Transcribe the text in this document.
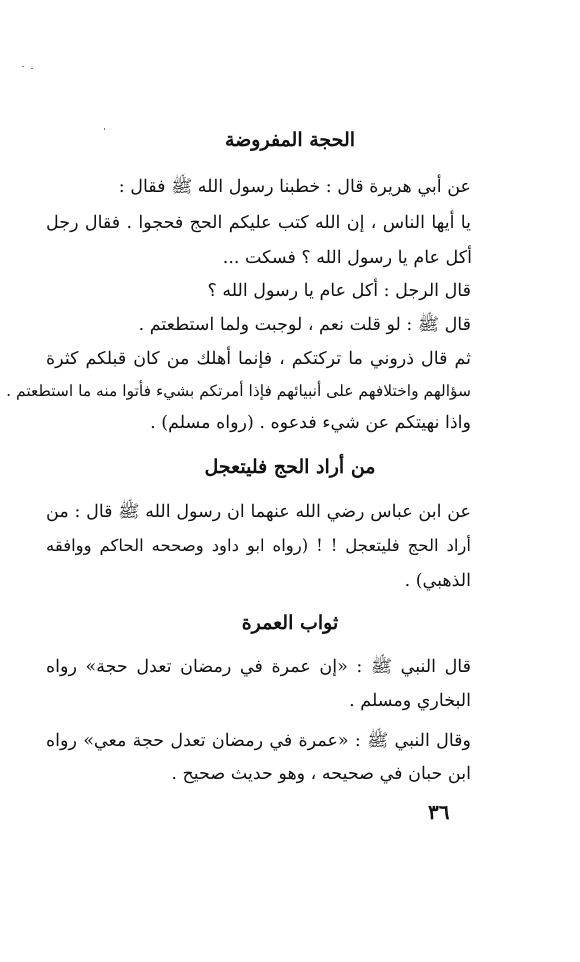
الحجة المفروضة
عن أبي هريرة قال : خطبنا رسول الله ﷺ فقال :
يا أيها الناس ، إن الله كتب عليكم الحج فحجوا . فقال رجل
أكل عام يا رسول الله ؟ فسكت ...
قال الرجل : أكل عام يا رسول الله ؟
قال ﷺ : لو قلت نعم ، لوجبت ولما استطعتم .
ثم قال ذروني ما تركتكم ، فإنما أهلك من كان قبلكم كثرة
سؤالهم واختلافهم على أنبيائهم فإذا أمرتكم بشيء فأتوا منه ما استطعتم .
واذا نهيتكم عن شيء فدعوه . (رواه مسلم) .
من أراد الحج فليتعجل
عن ابن عباس رضي الله عنهما ان رسول الله ﷺ قال : من
أراد الحج فليتعجل ! ! (رواه ابو داود وصححه الحاكم ووافقه
الذهبي) .
ثواب العمرة
قال النبي ﷺ : «إن عمرة في رمضان تعدل حجة» رواه
البخاري ومسلم .
وقال النبي ﷺ : «عمرة في رمضان تعدل حجة معي» رواه
ابن حبان في صحيحه ، وهو حديث صحيح .
٣٦
